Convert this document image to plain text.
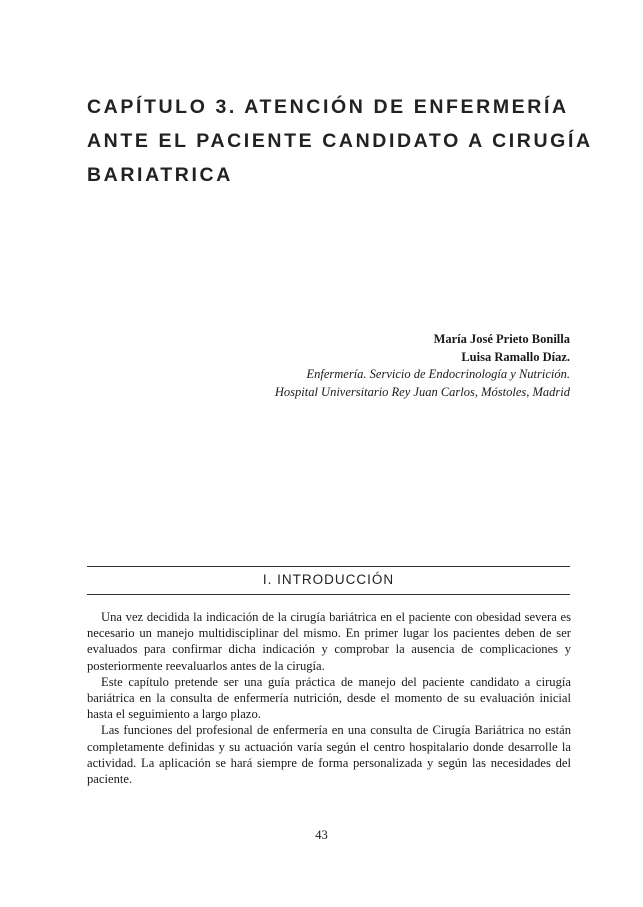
CAPÍTULO 3. ATENCIÓN DE ENFERMERÍA
ANTE EL PACIENTE CANDIDATO A CIRUGÍA
BARIATRICA
María José Prieto Bonilla
Luisa Ramallo Díaz.
Enfermería. Servicio de Endocrinología y Nutrición.
Hospital Universitario Rey Juan Carlos, Móstoles, Madrid
I. INTRODUCCIÓN

Una vez decidida la indicación de la cirugía bariátrica en el paciente con obesidad severa es necesario un manejo multidisciplinar del mismo. En primer lugar los pacientes deben de ser evaluados para confirmar dicha indicación y comprobar la ausencia de complicaciones y posteriormente reevaluarlos antes de la cirugía.

Este capítulo pretende ser una guía práctica de manejo del paciente candidato a cirugía bariátrica en la consulta de enfermería nutrición, desde el momento de su evaluación inicial hasta el seguimiento a largo plazo.

Las funciones del profesional de enfermería en una consulta de Cirugía Bariátrica no están completamente definidas y su actuación varía según el centro hospitalario donde desarrolle la actividad. La aplicación se hará siempre de forma personalizada y según las necesidades del paciente.

43
